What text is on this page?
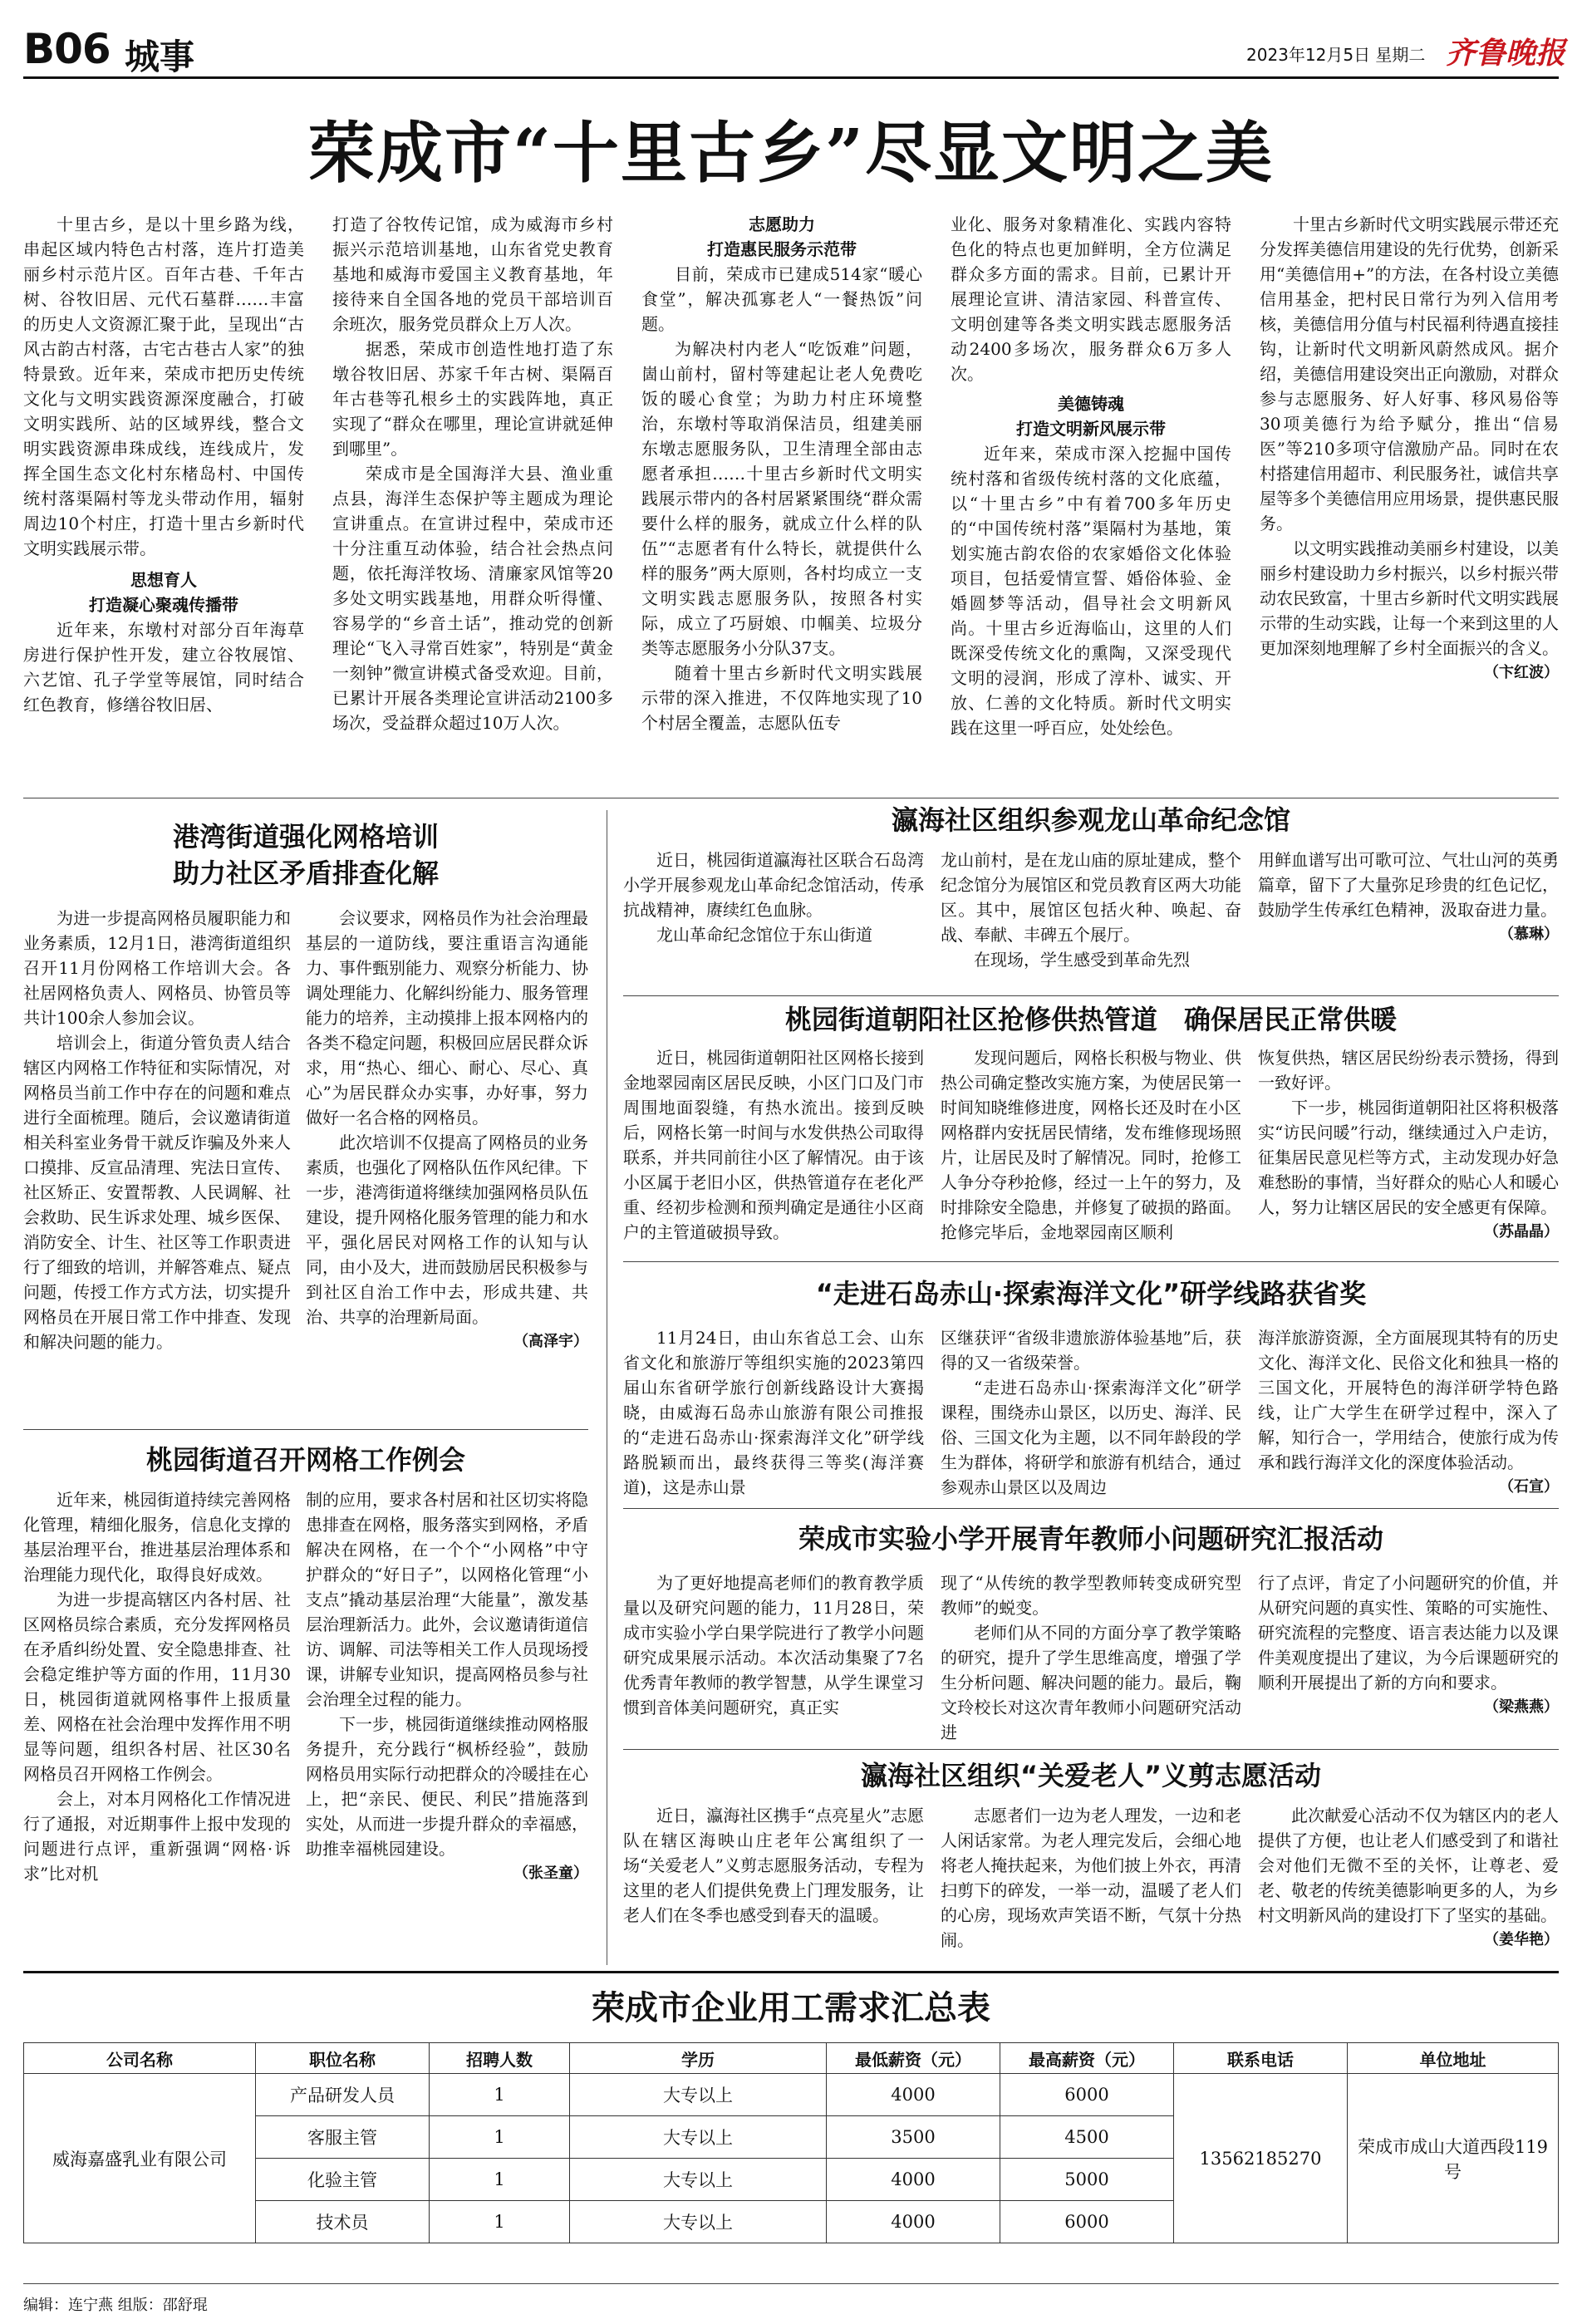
B06 城事	2023年12月5日 星期二 齐鲁晚报
荣成市“十里古乡”尽显文明之美

十里古乡，是以十里乡路为线，串起区域内特色古村落，连片打造美丽乡村示范片区。百年古巷、千年古树、谷牧旧居、元代石墓群……丰富的历史人文资源汇聚于此，呈现出“古风古韵古村落，古宅古巷古人家”的独特景致。近年来，荣成市把历史传统文化与文明实践资源深度融合，打破文明实践所、站的区域界线，整合文明实践资源串珠成线，连线成片，发挥全国生态文化村东楮岛村、中国传统村落渠隔村等龙头带动作用，辐射周边10个村庄，打造十里古乡新时代文明实践展示带。

思想育人

打造凝心聚魂传播带

近年来，东墩村对部分百年海草房进行保护性开发，建立谷牧展馆、六艺馆、孔子学堂等展馆，同时结合红色教育，修缮谷牧旧居、

打造了谷牧传记馆，成为威海市乡村振兴示范培训基地，山东省党史教育基地和威海市爱国主义教育基地，年接待来自全国各地的党员干部培训百余班次，服务党员群众上万人次。

据悉，荣成市创造性地打造了东墩谷牧旧居、苏家千年古树、渠隔百年古巷等孔根乡土的实践阵地，真正实现了“群众在哪里，理论宣讲就延伸到哪里”。

荣成市是全国海洋大县、渔业重点县，海洋生态保护等主题成为理论宣讲重点。在宣讲过程中，荣成市还十分注重互动体验，结合社会热点问题，依托海洋牧场、清廉家风馆等20多处文明实践基地，用群众听得懂、容易学的“乡音土话”，推动党的创新理论“飞入寻常百姓家”，特别是“黄金一刻钟”微宣讲模式备受欢迎。目前，已累计开展各类理论宣讲活动2100多场次，受益群众超过10万人次。

志愿助力

打造惠民服务示范带

目前，荣成市已建成514家“暖心食堂”，解决孤寡老人“一餐热饭”问题。

为解决村内老人“吃饭难”问题，崮山前村，留村等建起让老人免费吃饭的暖心食堂；为助力村庄环境整治，东墩村等取消保洁员，组建美丽东墩志愿服务队，卫生清理全部由志愿者承担……十里古乡新时代文明实践展示带内的各村居紧紧围绕“群众需要什么样的服务，就成立什么样的队伍”“志愿者有什么特长，就提供什么样的服务”两大原则，各村均成立一支文明实践志愿服务队，按照各村实际，成立了巧厨娘、巾帼美、垃圾分类等志愿服务小分队37支。

随着十里古乡新时代文明实践展示带的深入推进，不仅阵地实现了10个村居全覆盖，志愿队伍专

业化、服务对象精准化、实践内容特色化的特点也更加鲜明，全方位满足群众多方面的需求。目前，已累计开展理论宣讲、清洁家园、科普宣传、文明创建等各类文明实践志愿服务活动2400多场次，服务群众6万多人次。

美德铸魂

打造文明新风展示带

近年来，荣成市深入挖掘中国传统村落和省级传统村落的文化底蕴，以“十里古乡”中有着700多年历史的“中国传统村落”渠隔村为基地，策划实施古韵农俗的农家婚俗文化体验项目，包括爱情宣誓、婚俗体验、金婚圆梦等活动，倡导社会文明新风尚。十里古乡近海临山，这里的人们既深受传统文化的熏陶，又深受现代文明的浸润，形成了淳朴、诚实、开放、仁善的文化特质。新时代文明实践在这里一呼百应，处处绘色。

十里古乡新时代文明实践展示带还充分发挥美德信用建设的先行优势，创新采用“美德信用+”的方法，在各村设立美德信用基金，把村民日常行为列入信用考核，美德信用分值与村民福利待遇直接挂钩，让新时代文明新风蔚然成风。据介绍，美德信用建设突出正向激励，对群众参与志愿服务、好人好事、移风易俗等30项美德行为给予赋分，推出“信易医”等210多项守信激励产品。同时在农村搭建信用超市、利民服务社，诚信共享屋等多个美德信用应用场景，提供惠民服务。

以文明实践推动美丽乡村建设，以美丽乡村建设助力乡村振兴，以乡村振兴带动农民致富，十里古乡新时代文明实践展示带的生动实践，让每一个来到这里的人更加深刻地理解了乡村全面振兴的含义。

（卞红波）

港湾街道强化网格培训
助力社区矛盾排查化解

为进一步提高网格员履职能力和业务素质，12月1日，港湾街道组织召开11月份网格工作培训大会。各社居网格负责人、网格员、协管员等共计100余人参加会议。

培训会上，街道分管负责人结合辖区内网格工作特征和实际情况，对网格员当前工作中存在的问题和难点进行全面梳理。随后，会议邀请街道相关科室业务骨干就反诈骗及外来人口摸排、反宣品清理、宪法日宣传、社区矫正、安置帮教、人民调解、社会救助、民生诉求处理、城乡医保、消防安全、计生、社区等工作职责进行了细致的培训，并解答难点、疑点问题，传授工作方式方法，切实提升网格员在开展日常工作中排查、发现和解决问题的能力。

会议要求，网格员作为社会治理最基层的一道防线，要注重语言沟通能力、事件甄别能力、观察分析能力、协调处理能力、化解纠纷能力、服务管理能力的培养，主动摸排上报本网格内的各类不稳定问题，积极回应居民群众诉求，用“热心、细心、耐心、尽心、真心”为居民群众办实事，办好事，努力做好一名合格的网格员。

此次培训不仅提高了网格员的业务素质，也强化了网格队伍作风纪律。下一步，港湾街道将继续加强网格员队伍建设，提升网格化服务管理的能力和水平，强化居民对网格工作的认知与认同，由小及大，进而鼓励居民积极参与到社区自治工作中去，形成共建、共治、共享的治理新局面。

（高泽宇）

桃园街道召开网格工作例会

近年来，桃园街道持续完善网格化管理，精细化服务，信息化支撑的基层治理平台，推进基层治理体系和治理能力现代化，取得良好成效。

为进一步提高辖区内各村居、社区网格员综合素质，充分发挥网格员在矛盾纠纷处置、安全隐患排查、社会稳定维护等方面的作用，11月30日，桃园街道就网格事件上报质量差、网格在社会治理中发挥作用不明显等问题，组织各村居、社区30名网格员召开网格工作例会。

会上，对本月网格化工作情况进行了通报，对近期事件上报中发现的问题进行点评，重新强调“网格·诉求”比对机

制的应用，要求各村居和社区切实将隐患排查在网格，服务落实到网格，矛盾解决在网格，在一个个“小网格”中守护群众的“好日子”，以网格化管理“小支点”撬动基层治理“大能量”，激发基层治理新活力。此外，会议邀请街道信访、调解、司法等相关工作人员现场授课，讲解专业知识，提高网格员参与社会治理全过程的能力。

下一步，桃园街道继续推动网格服务提升，充分践行“枫桥经验”，鼓励网格员用实际行动把群众的冷暖挂在心上，把“亲民、便民、利民”措施落到实处，从而进一步提升群众的幸福感，助推幸福桃园建设。

（张圣童）

瀛海社区组织参观龙山革命纪念馆

近日，桃园街道瀛海社区联合石岛湾小学开展参观龙山革命纪念馆活动，传承抗战精神，赓续红色血脉。

龙山革命纪念馆位于东山街道

龙山前村，是在龙山庙的原址建成，整个纪念馆分为展馆区和党员教育区两大功能区。其中，展馆区包括火种、唤起、奋战、奉献、丰碑五个展厅。

在现场，学生感受到革命先烈

用鲜血谱写出可歌可泣、气壮山河的英勇篇章，留下了大量弥足珍贵的红色记忆，鼓励学生传承红色精神，汲取奋进力量。

（慕琳）

桃园街道朝阳社区抢修供热管道　确保居民正常供暖

近日，桃园街道朝阳社区网格长接到金地翠园南区居民反映，小区门口及门市周围地面裂缝，有热水流出。接到反映后，网格长第一时间与水发供热公司取得联系，并共同前往小区了解情况。由于该小区属于老旧小区，供热管道存在老化严重、经初步检测和预判确定是通往小区商户的主管道破损导致。

发现问题后，网格长积极与物业、供热公司确定整改实施方案，为使居民第一时间知晓维修进度，网格长还及时在小区网格群内安抚居民情绪，发布维修现场照片，让居民及时了解情况。同时，抢修工人争分夺秒抢修，经过一上午的努力，及时排除安全隐患，并修复了破损的路面。抢修完毕后，金地翠园南区顺利

恢复供热，辖区居民纷纷表示赞扬，得到一致好评。

下一步，桃园街道朝阳社区将积极落实“访民问暖”行动，继续通过入户走访，征集居民意见栏等方式，主动发现办好急难愁盼的事情，当好群众的贴心人和暖心人，努力让辖区居民的安全感更有保障。

（苏晶晶）

“走进石岛赤山·探索海洋文化”研学线路获省奖

11月24日，由山东省总工会、山东省文化和旅游厅等组织实施的2023第四届山东省研学旅行创新线路设计大赛揭晓，由威海石岛赤山旅游有限公司推报的“走进石岛赤山·探索海洋文化”研学线路脱颖而出，最终获得三等奖(海洋赛道)，这是赤山景

区继获评“省级非遗旅游体验基地”后，获得的又一省级荣誉。

“走进石岛赤山·探索海洋文化”研学课程，围绕赤山景区，以历史、海洋、民俗、三国文化为主题，以不同年龄段的学生为群体，将研学和旅游有机结合，通过参观赤山景区以及周边

海洋旅游资源，全方面展现其特有的历史文化、海洋文化、民俗文化和独具一格的三国文化，开展特色的海洋研学特色路线，让广大学生在研学过程中，深入了解，知行合一，学用结合，使旅行成为传承和践行海洋文化的深度体验活动。

（石宣）

荣成市实验小学开展青年教师小问题研究汇报活动

为了更好地提高老师们的教育教学质量以及研究问题的能力，11月28日，荣成市实验小学白果学院进行了教学小问题研究成果展示活动。本次活动集聚了7名优秀青年教师的教学智慧，从学生课堂习惯到音体美问题研究，真正实

现了“从传统的教学型教师转变成研究型教师”的蜕变。

老师们从不同的方面分享了教学策略的研究，提升了学生思维高度，增强了学生分析问题、解决问题的能力。最后，鞠文玲校长对这次青年教师小问题研究活动进

行了点评，肯定了小问题研究的价值，并从研究问题的真实性、策略的可实施性、研究流程的完整度、语言表达能力以及课件美观度提出了建议，为今后课题研究的顺利开展提出了新的方向和要求。

（梁燕燕）

瀛海社区组织“关爱老人”义剪志愿活动

近日，瀛海社区携手“点亮星火”志愿队在辖区海映山庄老年公寓组织了一场“关爱老人”义剪志愿服务活动，专程为这里的老人们提供免费上门理发服务，让老人们在冬季也感受到春天的温暖。

志愿者们一边为老人理发，一边和老人闲话家常。为老人理完发后，会细心地将老人掩扶起来，为他们披上外衣，再清扫剪下的碎发，一举一动，温暖了老人们的心房，现场欢声笑语不断，气氛十分热闹。

此次献爱心活动不仅为辖区内的老人提供了方便，也让老人们感受到了和谐社会对他们无微不至的关怀，让尊老、爱老、敬老的传统美德影响更多的人，为乡村文明新风尚的建设打下了坚实的基础。

（姜华艳）

荣成市企业用工需求汇总表
公司名称	职位名称	招聘人数	学历	最低薪资（元）	最高薪资（元）	联系电话	单位地址
威海嘉盛乳业有限公司	产品研发人员	1	大专以上	4000	6000	13562185270	荣成市成山大道西段119号
	客服主管	1	大专以上	3500	4500		
	化验主管	1	大专以上	4000	5000		
	技术员	1	大专以上	4000	6000		
编辑：连宁燕 组版：邵舒琨
